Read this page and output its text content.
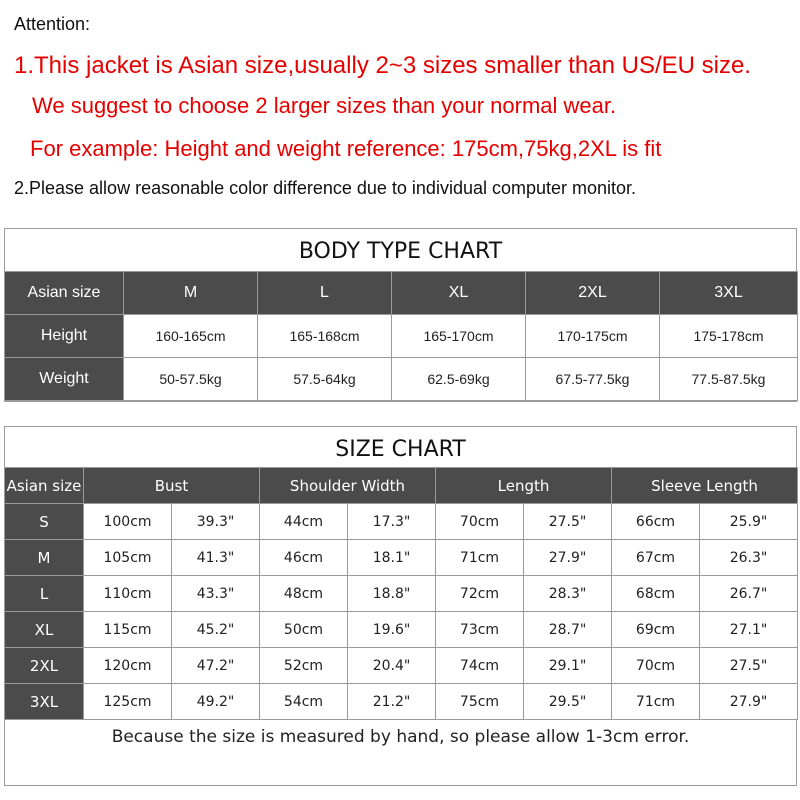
Attention:
1.This jacket is Asian size,usually 2~3 sizes smaller than US/EU size.
We suggest to choose 2 larger sizes than your normal wear.
For example: Height and weight reference: 175cm,75kg,2XL is fit
2.Please allow reasonable color difference due to individual computer monitor.
BODY TYPE CHART
Asian size	M	L	XL	2XL	3XL
Height	160-165cm	165-168cm	165-170cm	170-175cm	175-178cm
Weight	50-57.5kg	57.5-64kg	62.5-69kg	67.5-77.5kg	77.5-87.5kg
SIZE CHART
Asian size	Bust		Shoulder Width		Length		Sleeve Length	
S	100cm	39.3"	44cm	17.3"	70cm	27.5"	66cm	25.9"
M	105cm	41.3"	46cm	18.1"	71cm	27.9"	67cm	26.3"
L	110cm	43.3"	48cm	18.8"	72cm	28.3"	68cm	26.7"
XL	115cm	45.2"	50cm	19.6"	73cm	28.7"	69cm	27.1"
2XL	120cm	47.2"	52cm	20.4"	74cm	29.1"	70cm	27.5"
3XL	125cm	49.2"	54cm	21.2"	75cm	29.5"	71cm	27.9"
Because the size is measured by hand, so please allow 1-3cm error.
